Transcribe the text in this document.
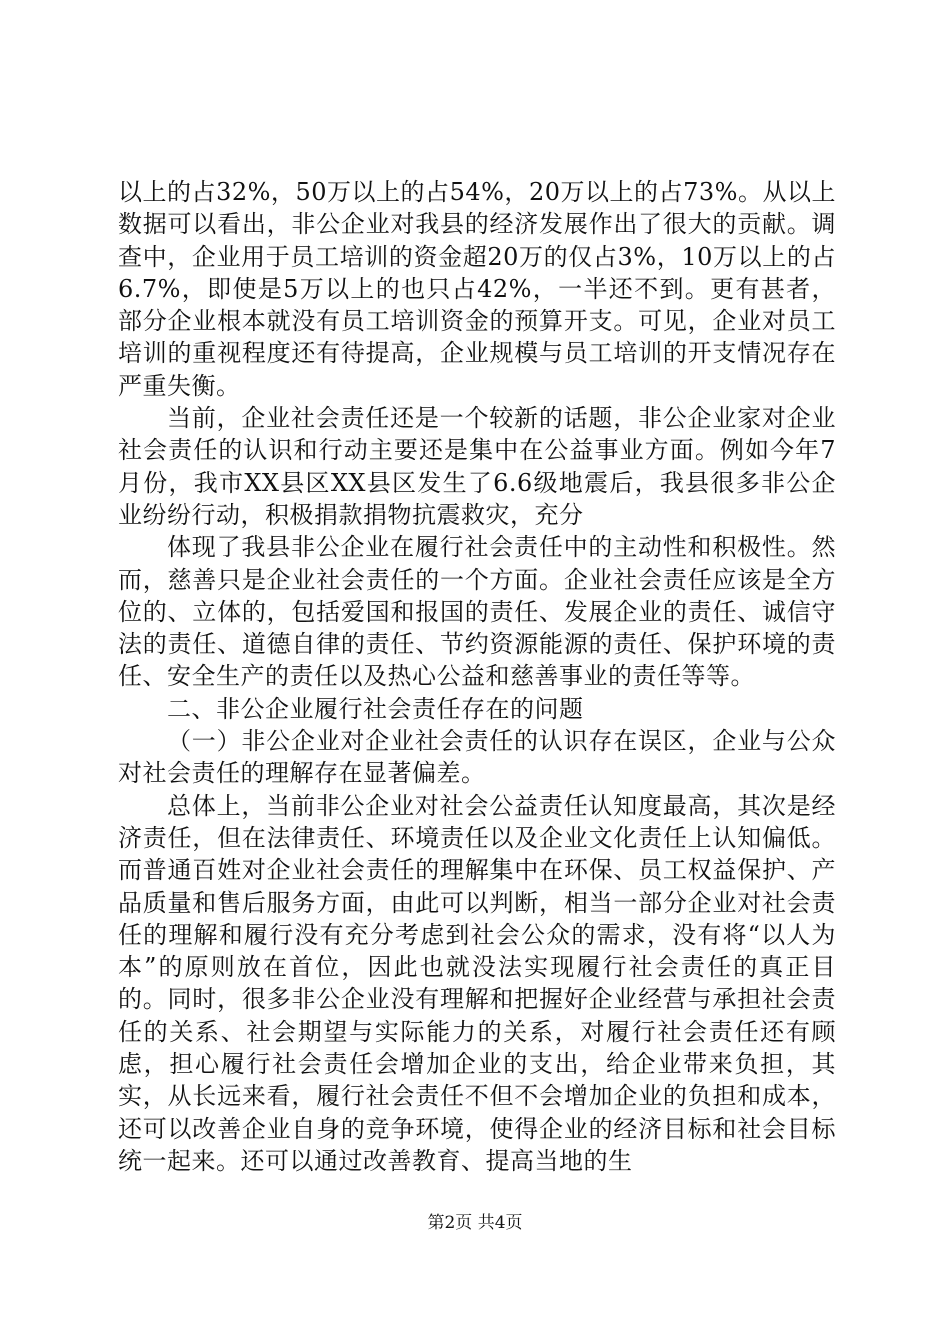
以上的占32%，50万以上的占54%，20万以上的占73%。从以上数据可以看出，非公企业对我县的经济发展作出了很大的贡献。调查中，企业用于员工培训的资金超20万的仅占3%，10万以上的占6.7%，即使是5万以上的也只占42%，一半还不到。更有甚者，部分企业根本就没有员工培训资金的预算开支。可见，企业对员工培训的重视程度还有待提高，企业规模与员工培训的开支情况存在严重失衡。

当前，企业社会责任还是一个较新的话题，非公企业家对企业社会责任的认识和行动主要还是集中在公益事业方面。例如今年7月份，我市XX县区XX县区发生了6.6级地震后，我县很多非公企业纷纷行动，积极捐款捐物抗震救灾，充分

体现了我县非公企业在履行社会责任中的主动性和积极性。然而，慈善只是企业社会责任的一个方面。企业社会责任应该是全方位的、立体的，包括爱国和报国的责任、发展企业的责任、诚信守法的责任、道德自律的责任、节约资源能源的责任、保护环境的责任、安全生产的责任以及热心公益和慈善事业的责任等等。

二、非公企业履行社会责任存在的问题

（一）非公企业对企业社会责任的认识存在误区，企业与公众对社会责任的理解存在显著偏差。

总体上，当前非公企业对社会公益责任认知度最高，其次是经济责任，但在法律责任、环境责任以及企业文化责任上认知偏低。而普通百姓对企业社会责任的理解集中在环保、员工权益保护、产品质量和售后服务方面，由此可以判断，相当一部分企业对社会责任的理解和履行没有充分考虑到社会公众的需求，没有将“以人为本”的原则放在首位，因此也就没法实现履行社会责任的真正目的。同时，很多非公企业没有理解和把握好企业经营与承担社会责任的关系、社会期望与实际能力的关系，对履行社会责任还有顾虑，担心履行社会责任会增加企业的支出，给企业带来负担，其实，从长远来看，履行社会责任不但不会增加企业的负担和成本，还可以改善企业自身的竞争环境，使得企业的经济目标和社会目标统一起来。还可以通过改善教育、提高当地的生

第2页 共4页
